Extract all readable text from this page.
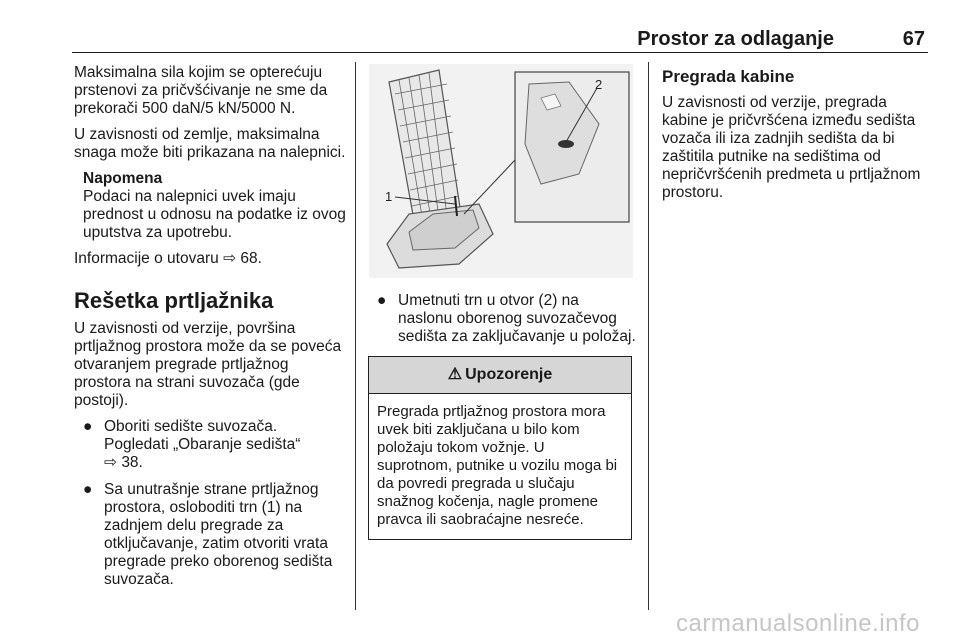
Prostor za odlaganje	67

Maksimalna sila kojim se opterećuju prstenovi za pričvšćivanje ne sme da prekorači 500 daN/5 kN/5000 N.

U zavisnosti od zemlje, maksimalna snaga može biti prikazana na nalepnici.

Napomena
Podaci na nalepnici uvek imaju prednost u odnosu na podatke iz ovog uputstva za upotrebu.

Informacije o utovaru ⇨ 68.

Rešetka prtljažnika

U zavisnosti od verzije, površina prtljažnog prostora može da se poveća otvaranjem pregrade prtljažnog prostora na strani suvozača (gde postoji).

● Oboriti sedište suvozača. Pogledati „Obaranje sedišta“
⇨ 38.
● Sa unutrašnje strane prtljažnog prostora, osloboditi trn (1) na zadnjem delu pregrade za otključavanje, zatim otvoriti vrata pregrade preko oborenog sedišta suvozača.
1
2
● Umetnuti trn u otvor (2) na naslonu oborenog suvozačevog sedišta za zaključavanje u položaj.
⚠ Upozorenje
Pregrada prtljažnog prostora mora uvek biti zaključana u bilo kom položaju tokom vožnje. U suprotnom, putnike u vozilu moga bi da povredi pregrada u slučaju snažnog kočenja, nagle promene pravca ili saobraćajne nesreće.
Pregrada kabine

U zavisnosti od verzije, pregrada kabine je pričvršćena između sedišta vozača ili iza zadnjih sedišta da bi zaštitila putnike na sedištima od nepričvršćenih predmeta u prtljažnom prostoru.

carmanualsonline.info
